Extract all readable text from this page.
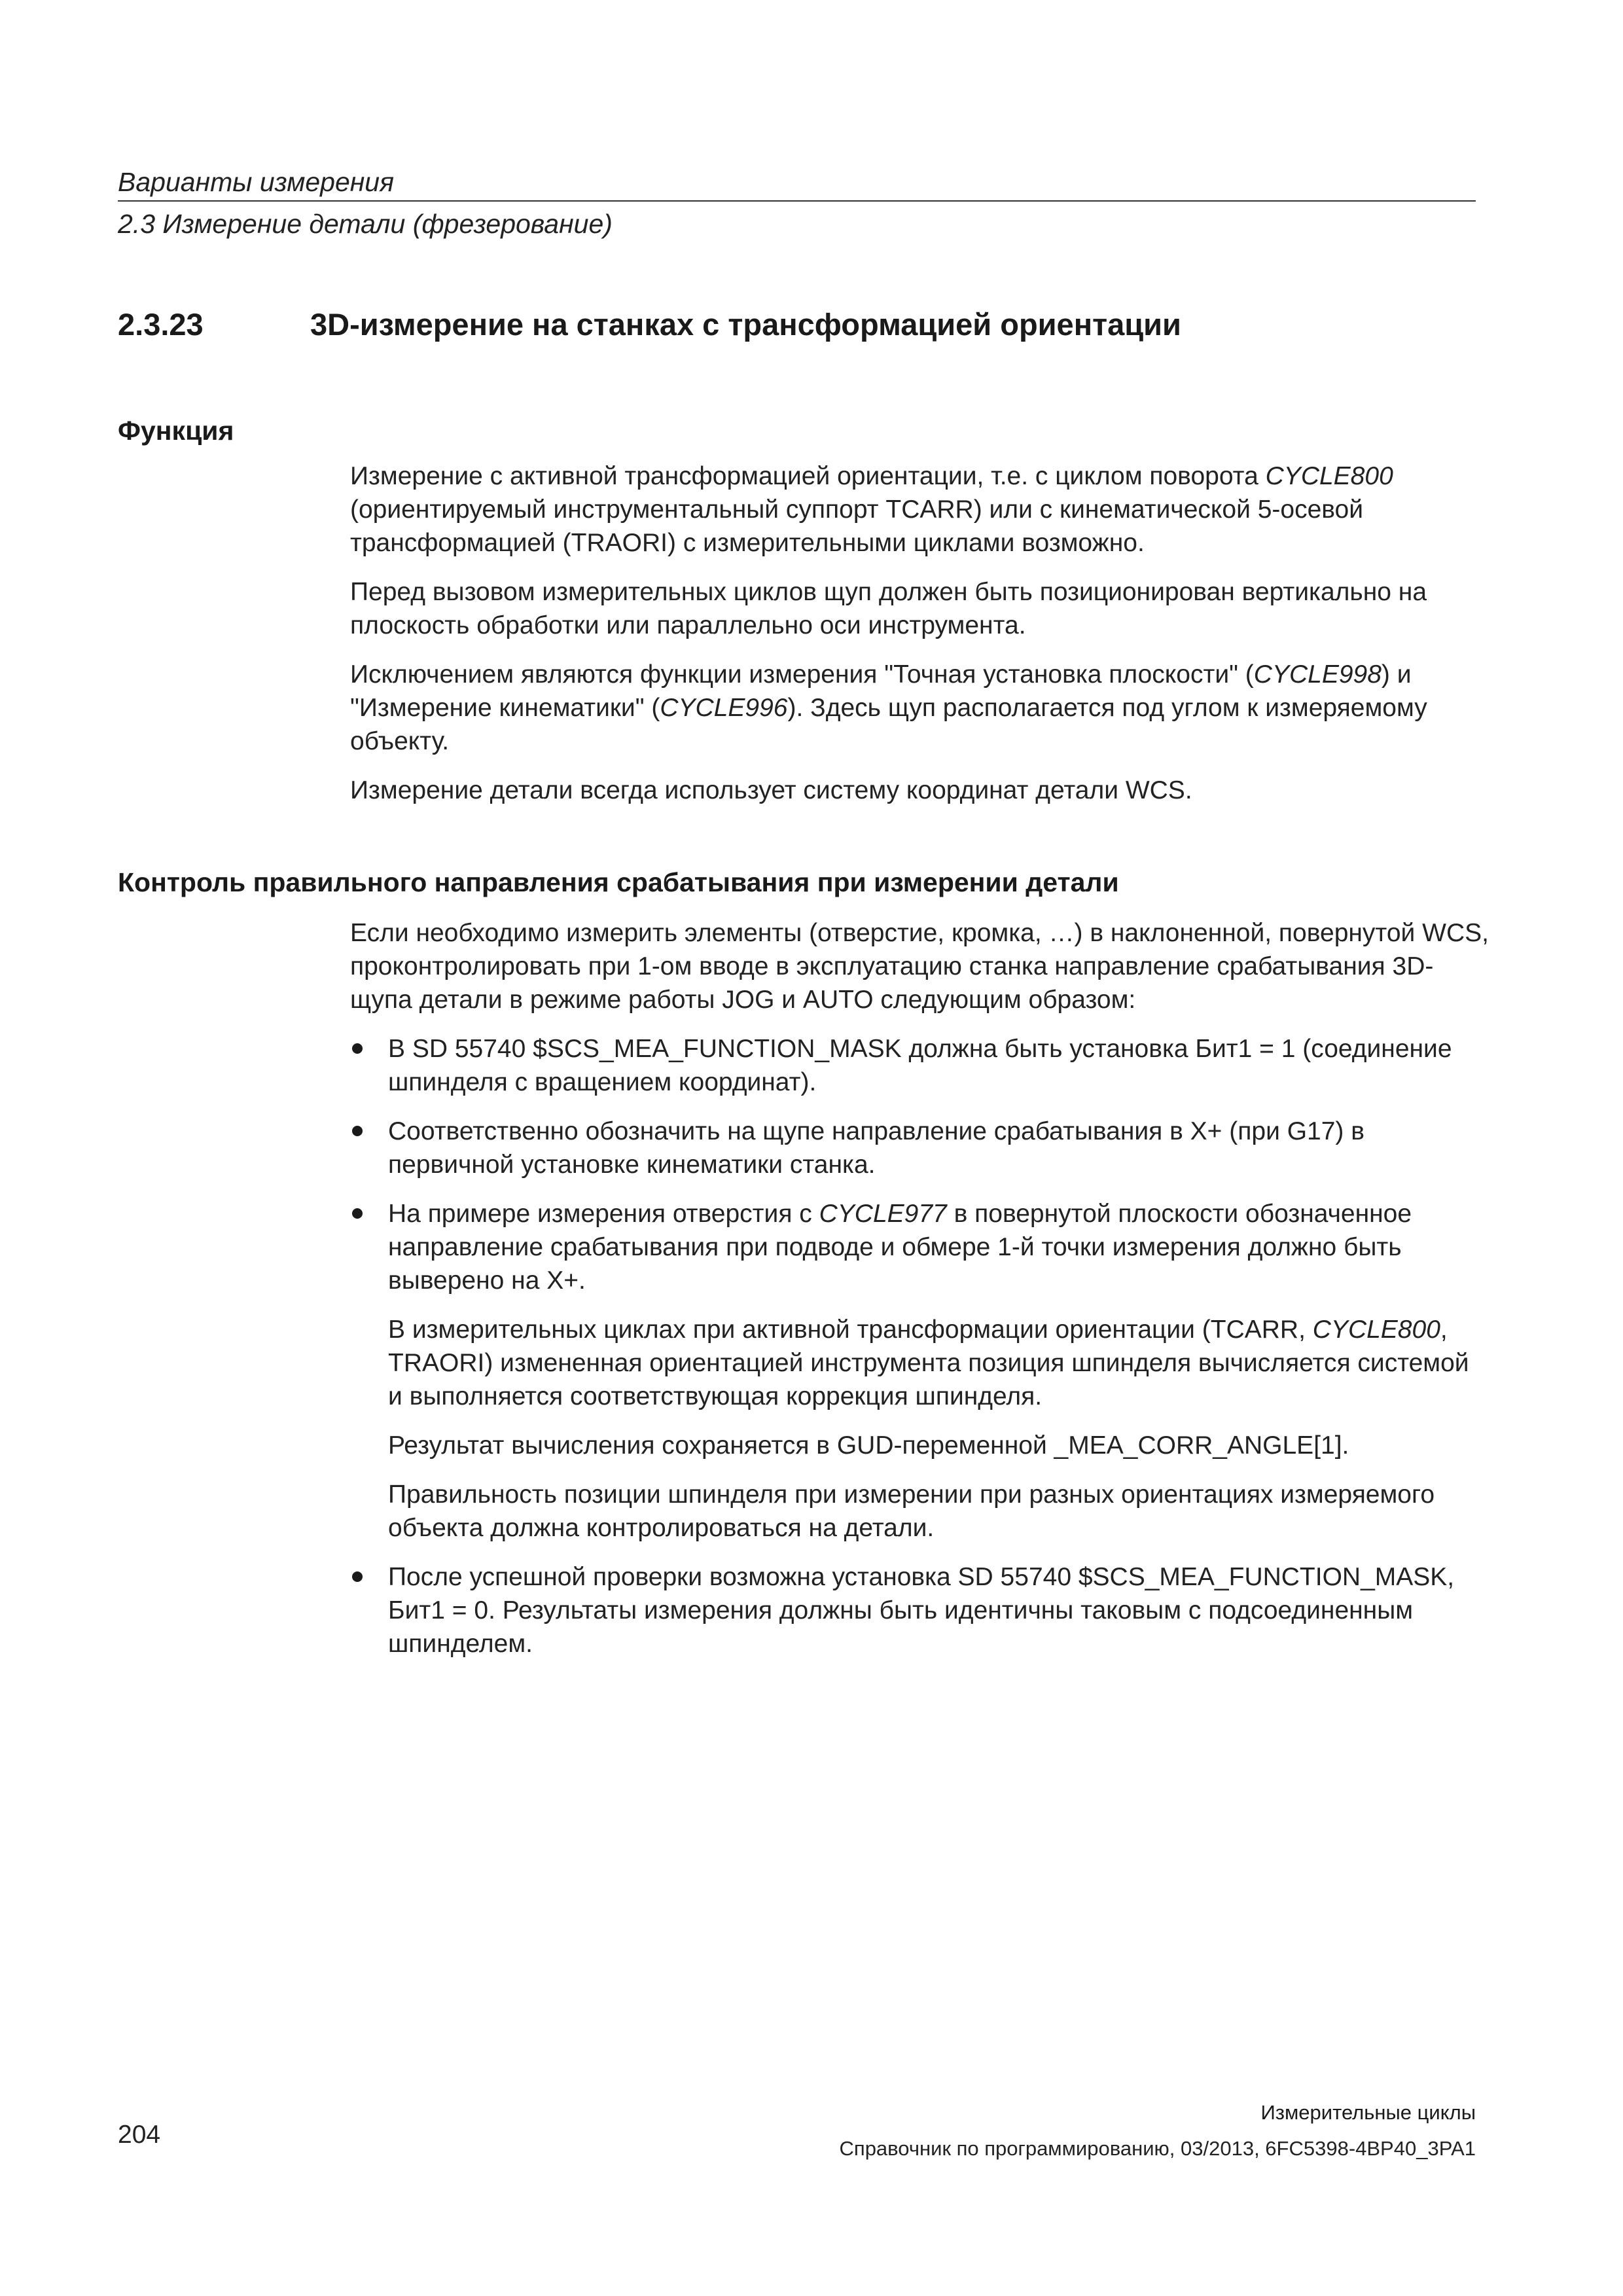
Варианты измерения
2.3 Измерение детали (фрезерование)
2.3.23	3D-измерение на станках с трансформацией ориентации
Функция

Измерение с активной трансформацией ориентации, т.е. с циклом поворота CYCLE800 (ориентируемый инструментальный суппорт TCARR) или с кинематической 5-осевой трансформацией (TRAORI) с измерительными циклами возможно.

Перед вызовом измерительных циклов щуп должен быть позиционирован вертикально на плоскость обработки или параллельно оси инструмента.

Исключением являются функции измерения "Точная установка плоскости" (CYCLE998) и "Измерение кинематики" (CYCLE996). Здесь щуп располагается под углом к измеряемому объекту.

Измерение детали всегда использует систему координат детали WCS.

Контроль правильного направления срабатывания при измерении детали

Если необходимо измерить элементы (отверстие, кромка, …) в наклоненной, повернутой WCS, проконтролировать при 1-ом вводе в эксплуатацию станка направление срабатывания 3D-щупа детали в режиме работы JOG и AUTO следующим образом:

В SD 55740 $SCS_MEA_FUNCTION_MASK должна быть установка Бит1 = 1 (соединение шпинделя с вращением координат).

Соответственно обозначить на щупе направление срабатывания в X+ (при G17) в первичной установке кинематики станка.

На примере измерения отверстия с CYCLE977 в повернутой плоскости обозначенное направление срабатывания при подводе и обмере 1-й точки измерения должно быть выверено на X+.

В измерительных циклах при активной трансформации ориентации (TCARR, CYCLE800, TRAORI) измененная ориентацией инструмента позиция шпинделя вычисляется системой и выполняется соответствующая коррекция шпинделя.

Результат вычисления сохраняется в GUD-переменной _MEA_CORR_ANGLE[1].

Правильность позиции шпинделя при измерении при разных ориентациях измеряемого объекта должна контролироваться на детали.

После успешной проверки возможна установка SD 55740 $SCS_MEA_FUNCTION_MASK, Бит1 = 0. Результаты измерения должны быть идентичны таковым с подсоединенным шпинделем.

Измерительные циклы
204	Справочник по программированию, 03/2013, 6FC5398-4BP40_3PA1
